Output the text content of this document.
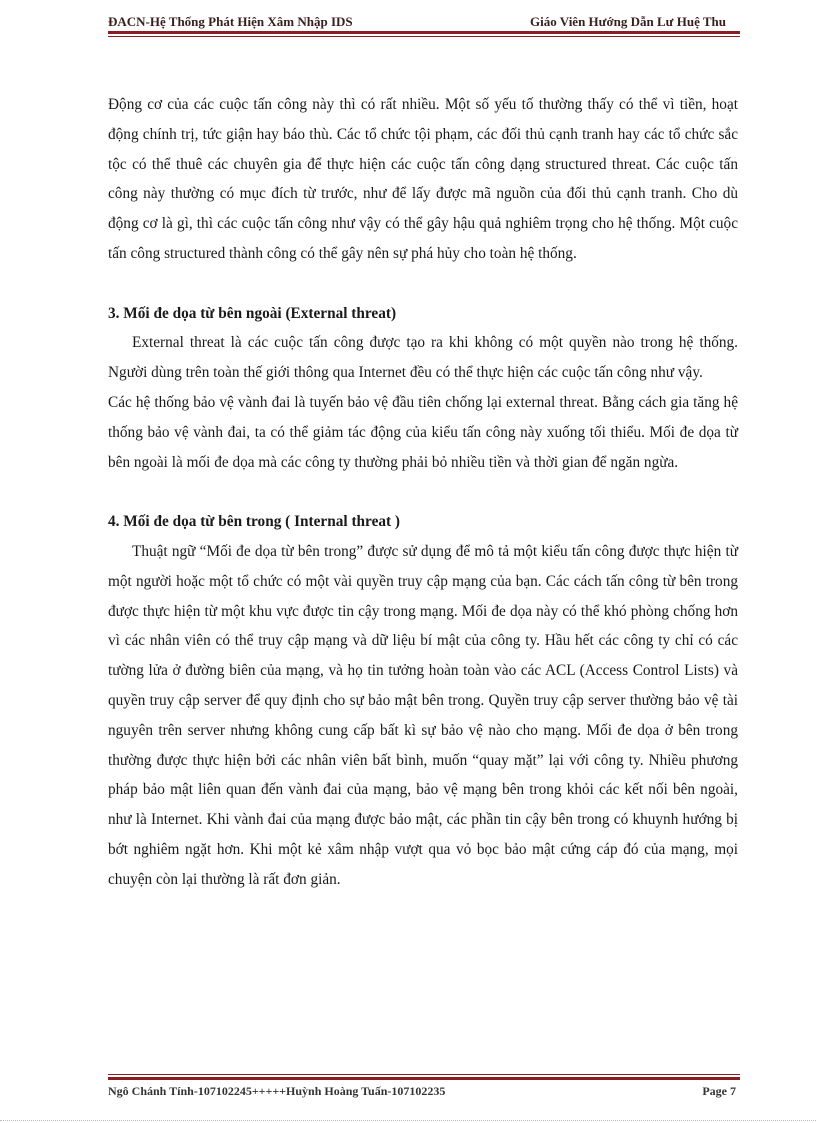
ĐACN-Hệ Thống Phát Hiện Xâm Nhập IDS	Giáo Viên Hướng Dẫn Lư Huệ Thu

Động cơ của các cuộc tấn công này thì có rất nhiều. Một số yếu tố thường thấy có thể vì tiền, hoạt động chính trị, tức giận hay báo thù. Các tổ chức tội phạm, các đối thủ cạnh tranh hay các tổ chức sắc tộc có thể thuê các chuyên gia để thực hiện các cuộc tấn công dạng structured threat. Các cuộc tấn công này thường có mục đích từ trước, như để lấy được mã nguồn của đối thủ cạnh tranh. Cho dù động cơ là gì, thì các cuộc tấn công như vậy có thể gây hậu quả nghiêm trọng cho hệ thống. Một cuộc tấn công structured thành công có thể gây nên sự phá hủy cho toàn hệ thống.

3. Mối đe dọa từ bên ngoài (External threat)

External threat là các cuộc tấn công được tạo ra khi không có một quyền nào trong hệ thống. Người dùng trên toàn thế giới thông qua Internet đều có thể thực hiện các cuộc tấn công như vậy.

Các hệ thống bảo vệ vành đai là tuyến bảo vệ đầu tiên chống lại external threat. Bằng cách gia tăng hệ thống bảo vệ vành đai, ta có thể giảm tác động của kiểu tấn công này xuống tối thiểu. Mối đe dọa từ bên ngoài là mối đe dọa mà các công ty thường phải bỏ nhiều tiền và thời gian để ngăn ngừa.

4. Mối đe dọa từ bên trong ( Internal threat )

Thuật ngữ “Mối đe dọa từ bên trong” được sử dụng để mô tả một kiểu tấn công được thực hiện từ một người hoặc một tổ chức có một vài quyền truy cập mạng của bạn. Các cách tấn công từ bên trong được thực hiện từ một khu vực được tin cậy trong mạng. Mối đe dọa này có thể khó phòng chống hơn vì các nhân viên có thể truy cập mạng và dữ liệu bí mật của công ty. Hầu hết các công ty chỉ có các tường lửa ở đường biên của mạng, và họ tin tưởng hoàn toàn vào các ACL (Access Control Lists) và quyền truy cập server để quy định cho sự bảo mật bên trong. Quyền truy cập server thường bảo vệ tài nguyên trên server nhưng không cung cấp bất kì sự bảo vệ nào cho mạng. Mối đe dọa ở bên trong thường được thực hiện bởi các nhân viên bất bình, muốn “quay mặt” lại với công ty. Nhiều phương pháp bảo mật liên quan đến vành đai của mạng, bảo vệ mạng bên trong khỏi các kết nối bên ngoài, như là Internet. Khi vành đai của mạng được bảo mật, các phần tin cậy bên trong có khuynh hướng bị bớt nghiêm ngặt hơn. Khi một kẻ xâm nhập vượt qua vỏ bọc bảo mật cứng cáp đó của mạng, mọi chuyện còn lại thường là rất đơn giản.

Ngô Chánh Tính-107102245+++++Huỳnh Hoàng Tuấn-107102235	Page 7
